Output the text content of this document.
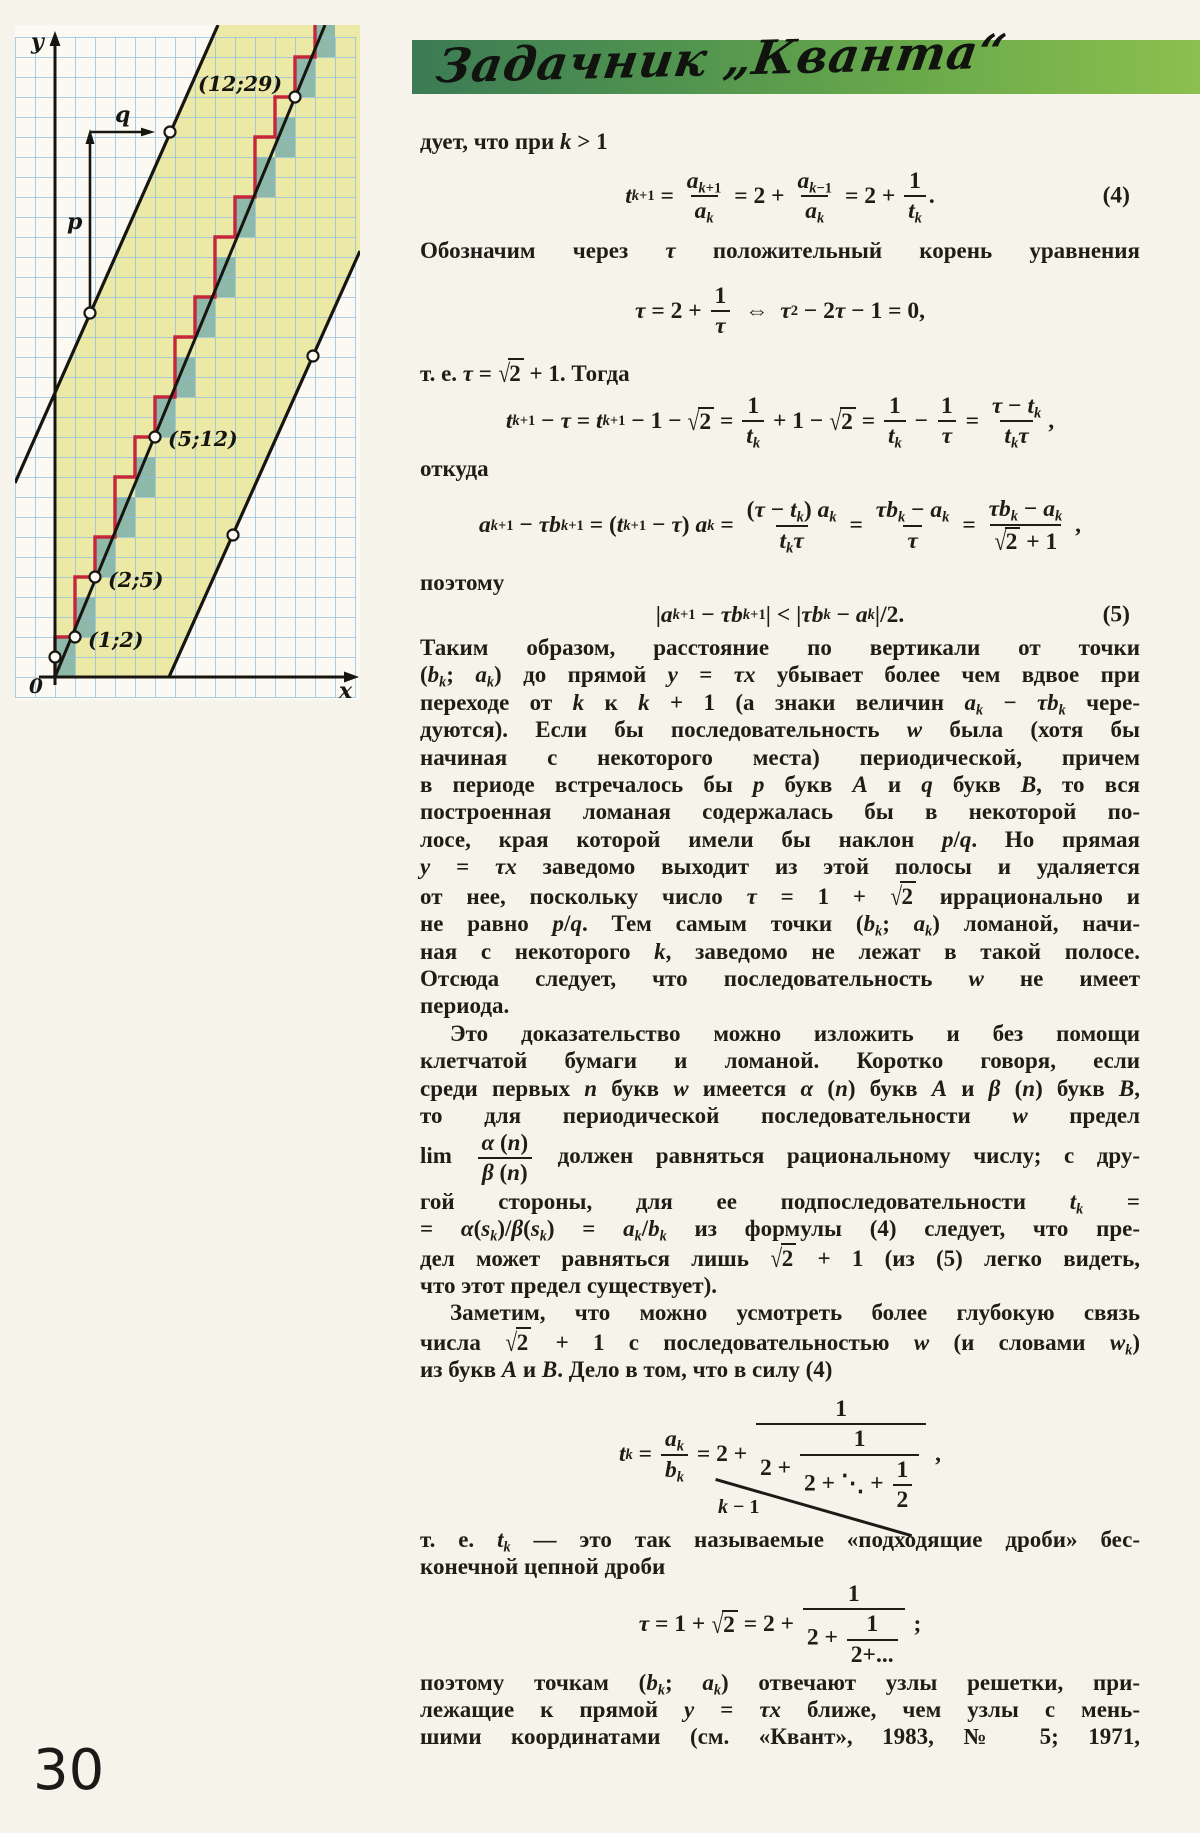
y
x
0
p
q
(1;2)
(2;5)
(5;12)
(12;29)	Задачник „Кванта“
дует, что при k > 1
t $k+1 = \frac{a_{k+1}}{a_k} = 2 + \frac{a_{k-1}}{a_k} = 2 + \frac{1}{t_k}$ .	(4)
Обозначим через τ положительный корень уравнения
$\tau = 2 + \frac{1}{\tau}$ ⇔ τ 2 − 2 τ − 1 = 0,
т. е. τ = √2 + 1. Тогда
t k+1 − τ = t $k+1 - 1 - √2 = \frac{1}{t_k} + 1 - √2 = \frac{1}{t_k} - \frac{1}{\tau} = \frac{\tau - t_k}{t_k\tau}$ ,
откуда
a k+1 − τb k+1 = ( t k+1 − τ ) a $k = \frac{(\tau - t_k) a_k}{t_k\tau} = \frac{\tau b_k - a_k}{\tau} = \frac{\tau b_k - a_k}{√2 + 1}$ ,
поэтому
| a k+1 − τb k+1 | < | τb k − a k |/2.	(5)
Таким образом, расстояние по вертикали от точки
($b_k$; $a_k$) до прямой y = τx убывает более чем вдвое при
переходе от k к k + 1 (а знаки величин $a_k - \tau b_k$ чере-
дуются). Если бы последовательность w была (хотя бы
начиная с некоторого места) периодической, причем
в периоде встречалось бы p букв A и q букв B, то вся
построенная ломаная содержалась бы в некоторой по-
лосе, края которой имели бы наклон p/q. Но прямая
y = τx заведомо выходит из этой полосы и удаляется
от нее, поскольку число τ = 1 + √2 иррационально и
не равно p/q. Тем самым точки ($b_k$; $a_k$) ломаной, начи-
ная с некоторого k, заведомо не лежат в такой полосе.
Отсюда следует, что последовательность w не имеет
периода.
Это доказательство можно изложить и без помощи
клетчатой бумаги и ломаной. Коротко говоря, если
среди первых n букв w имеется α (n) букв A и β (n) букв B,
то для периодической последовательности w предел
$\lim \frac{\alpha (n)}{\beta (n)}$ должен равняться рациональному числу; с дру-
гой стороны, для ее подпоследовательности $t_k$ =
= $\alpha(s_k)/\beta(s_k) = a_k/b_k$ из формулы (4) следует, что пре-
дел может равняться лишь √2 + 1 (из (5) легко видеть,
что этот предел существует).
Заметим, что можно усмотреть более глубокую связь
числа √2 + 1 с последовательностью w (и словами $w_k$)
из букв A и B. Дело в том, что в силу (4)
t $k = \frac{a_k}{b_k} = 2 + \frac{1}{2 + \frac{1}{2 + ⋱ + \frac{1}{2}}}$ ,
k − 1
т. е. $t_k$ — это так называемые «подходящие дроби» бес-
конечной цепной дроби
$\tau = 1 + √2 = 2 + \frac{1}{2 + \frac{1}{2+...}}$ ;
поэтому точкам ($b_k$; $a_k$) отвечают узлы решетки, при-
лежащие к прямой y = τx ближе, чем узлы с мень-
шими координатами (см. «Квант», 1983, № 5; 1971,
30
